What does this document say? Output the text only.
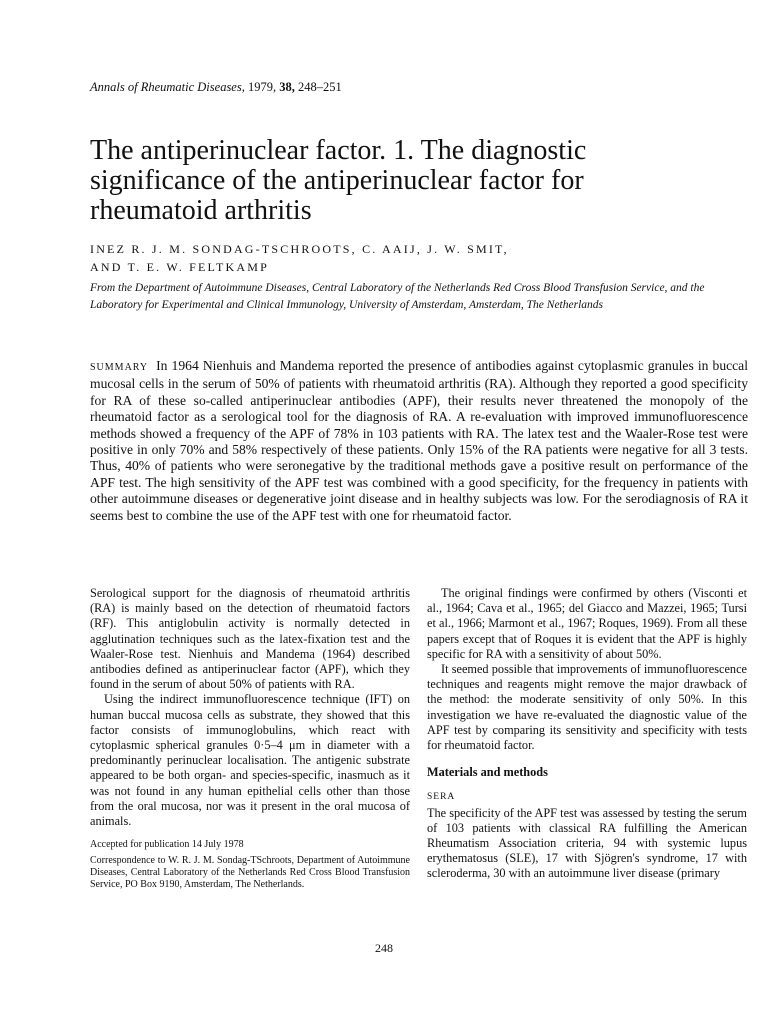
Annals of Rheumatic Diseases, 1979, 38, 248–251
The antiperinuclear factor. 1. The diagnostic significance of the antiperinuclear factor for rheumatoid arthritis
INEZ R. J. M. SONDAG-TSCHROOTS, C. AAIJ, J. W. SMIT,
AND T. E. W. FELTKAMP
From the Department of Autoimmune Diseases, Central Laboratory of the Netherlands Red Cross Blood Transfusion Service, and the Laboratory for Experimental and Clinical Immunology, University of Amsterdam, Amsterdam, The Netherlands
SUMMARY In 1964 Nienhuis and Mandema reported the presence of antibodies against cytoplasmic granules in buccal mucosal cells in the serum of 50% of patients with rheumatoid arthritis (RA). Although they reported a good specificity for RA of these so-called antiperinuclear antibodies (APF), their results never threatened the monopoly of the rheumatoid factor as a serological tool for the diagnosis of RA. A re-evaluation with improved immunofluorescence methods showed a frequency of the APF of 78% in 103 patients with RA. The latex test and the Waaler-Rose test were positive in only 70% and 58% respectively of these patients. Only 15% of the RA patients were negative for all 3 tests. Thus, 40% of patients who were seronegative by the traditional methods gave a positive result on performance of the APF test. The high sensitivity of the APF test was combined with a good specificity, for the frequency in patients with other autoimmune diseases or degenerative joint disease and in healthy subjects was low. For the serodiagnosis of RA it seems best to combine the use of the APF test with one for rheumatoid factor.

Serological support for the diagnosis of rheumatoid arthritis (RA) is mainly based on the detection of rheumatoid factors (RF). This antiglobulin activity is normally detected in agglutination techniques such as the latex-fixation test and the Waaler-Rose test. Nienhuis and Mandema (1964) described antibodies defined as antiperinuclear factor (APF), which they found in the serum of about 50% of patients with RA.

Using the indirect immunofluorescence technique (IFT) on human buccal mucosa cells as substrate, they showed that this factor consists of immunoglobulins, which react with cytoplasmic spherical granules 0·5–4 μm in diameter with a predominantly perinuclear localisation. The antigenic substrate appeared to be both organ- and species-specific, inasmuch as it was not found in any human epithelial cells other than those from the oral mucosa, nor was it present in the oral mucosa of animals.

Accepted for publication 14 July 1978

Correspondence to W. R. J. M. Sondag-TSchroots, Department of Autoimmune Diseases, Central Laboratory of the Netherlands Red Cross Blood Transfusion Service, PO Box 9190, Amsterdam, The Netherlands.

The original findings were confirmed by others (Visconti et al., 1964; Cava et al., 1965; del Giacco and Mazzei, 1965; Tursi et al., 1966; Marmont et al., 1967; Roques, 1969). From all these papers except that of Roques it is evident that the APF is highly specific for RA with a sensitivity of about 50%.

It seemed possible that improvements of immunofluorescence techniques and reagents might remove the major drawback of the method: the moderate sensitivity of only 50%. In this investigation we have re-evaluated the diagnostic value of the APF test by comparing its sensitivity and specificity with tests for rheumatoid factor.

Materials and methods

SERA

The specificity of the APF test was assessed by testing the serum of 103 patients with classical RA fulfilling the American Rheumatism Association criteria, 94 with systemic lupus erythematosus (SLE), 17 with Sjögren's syndrome, 17 with scleroderma, 30 with an autoimmune liver disease (primary

248
